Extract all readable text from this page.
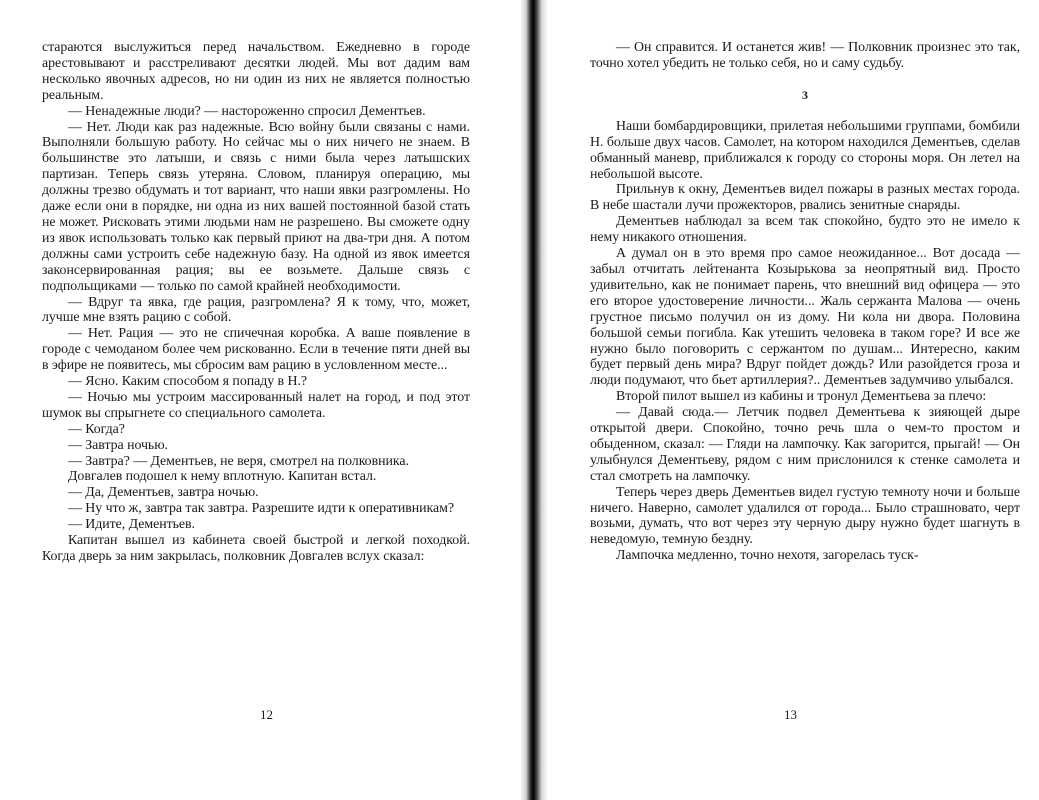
стараются выслужиться перед начальством. Ежедневно в городе арестовывают и расстреливают десятки людей. Мы вот дадим вам несколько явочных адресов, но ни один из них не является полностью реальным.

— Ненадежные люди? — настороженно спросил Дементьев.

— Нет. Люди как раз надежные. Всю войну были связаны с нами. Выполняли большую работу. Но сейчас мы о них ничего не знаем. В большинстве это латыши, и связь с ними была через латышских партизан. Теперь связь утеряна. Словом, планируя операцию, мы должны трезво обдумать и тот вариант, что наши явки разгромлены. Но даже если они в порядке, ни одна из них вашей постоянной базой стать не может. Рисковать этими людьми нам не разрешено. Вы сможете одну из явок использовать только как первый приют на два-три дня. А потом должны сами устроить себе надежную базу. На одной из явок имеется законсервированная рация; вы ее возьмете. Дальше связь с подпольщиками — только по самой крайней необходимости.

— Вдруг та явка, где рация, разгромлена? Я к тому, что, может, лучше мне взять рацию с собой.

— Нет. Рация — это не спичечная коробка. А ваше появление в городе с чемоданом более чем рискованно. Если в течение пяти дней вы в эфире не появитесь, мы сбросим вам рацию в условленном месте...

— Ясно. Каким способом я попаду в Н.?

— Ночью мы устроим массированный налет на город, и под этот шумок вы спрыгнете со специального самолета.

— Когда?

— Завтра ночью.

— Завтра? — Дементьев, не веря, смотрел на полковника.

Довгалев подошел к нему вплотную. Капитан встал.

— Да, Дементьев, завтра ночью.

— Ну что ж, завтра так завтра. Разрешите идти к оперативникам?

— Идите, Дементьев.

Капитан вышел из кабинета своей быстрой и легкой походкой. Когда дверь за ним закрылась, полковник Довгалев вслух сказал:

12

— Он справится. И останется жив! — Полковник произнес это так, точно хотел убедить не только себя, но и саму судьбу.

3

Наши бомбардировщики, прилетая небольшими группами, бомбили Н. больше двух часов. Самолет, на котором находился Дементьев, сделав обманный маневр, приближался к городу со стороны моря. Он летел на небольшой высоте.

Прильнув к окну, Дементьев видел пожары в разных местах города. В небе шастали лучи прожекторов, рвались зенитные снаряды.

Дементьев наблюдал за всем так спокойно, будто это не имело к нему никакого отношения.

А думал он в это время про самое неожиданное... Вот досада — забыл отчитать лейтенанта Козырькова за неопрятный вид. Просто удивительно, как не понимает парень, что внешний вид офицера — это его второе удостоверение личности... Жаль сержанта Малова — очень грустное письмо получил он из дому. Ни кола ни двора. Половина большой семьи погибла. Как утешить человека в таком горе? И все же нужно было поговорить с сержантом по душам... Интересно, каким будет первый день мира? Вдруг пойдет дождь? Или разойдется гроза и люди подумают, что бьет артиллерия?.. Дементьев задумчиво улыбался.

Второй пилот вышел из кабины и тронул Дементьева за плечо:

— Давай сюда.— Летчик подвел Дементьева к зияющей дыре открытой двери. Спокойно, точно речь шла о чем-то простом и обыденном, сказал: — Гляди на лампочку. Как загорится, прыгай! — Он улыбнулся Дементьеву, рядом с ним прислонился к стенке самолета и стал смотреть на лампочку.

Теперь через дверь Дементьев видел густую темноту ночи и больше ничего. Наверно, самолет удалился от города... Было страшновато, черт возьми, думать, что вот через эту черную дыру нужно будет шагнуть в неведомую, темную бездну.

Лампочка медленно, точно нехотя, загорелась туск-

13
